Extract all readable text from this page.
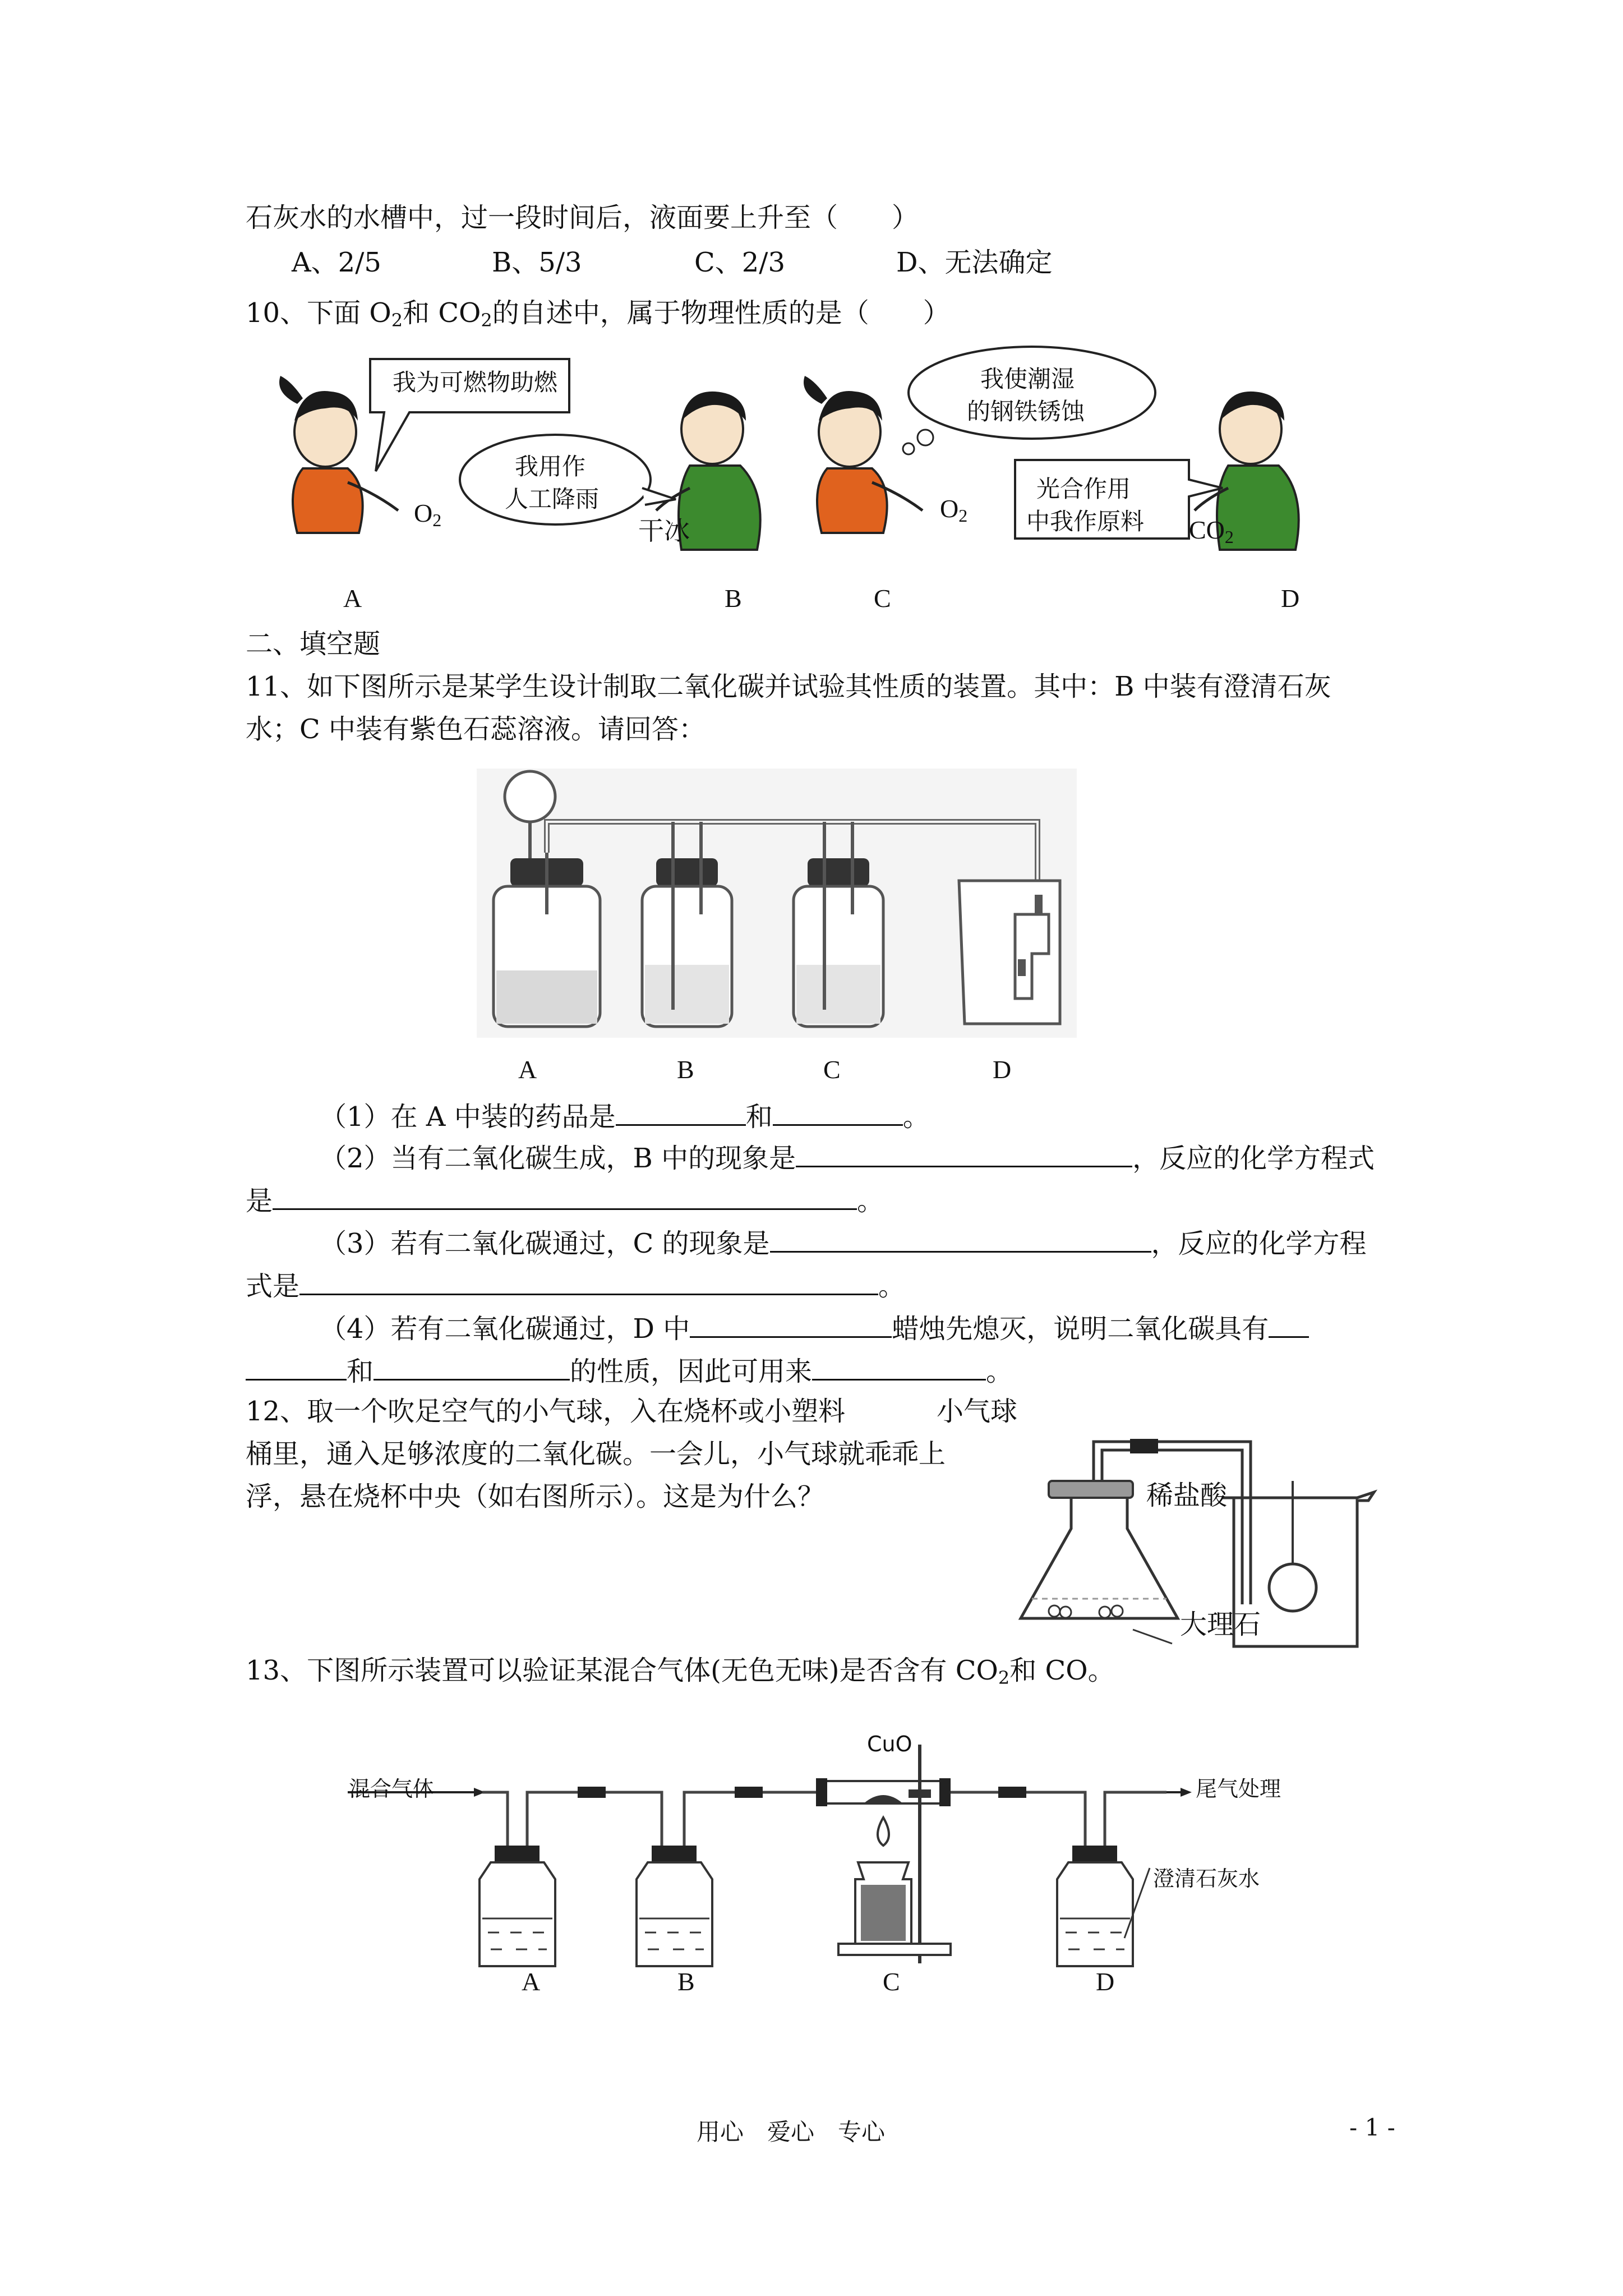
石灰水的水槽中，过一段时间后，液面要上升至（　　）
A、2/5	B、5/3	C、2/3	D、无法确定
10、下面 $O_2$和 $CO_2$的自述中，属于物理性质的是（　　）
我为可燃物助燃
我用作
人工降雨
我使潮湿
的钢铁锈蚀
光合作用
中我作原料
$O_2$	干冰
$O_2$	$CO_2$
A	B	C	D
二、填空题
11、如下图所示是某学生设计制取二氧化碳并试验其性质的装置。其中：B 中装有澄清石灰
水；C 中装有紫色石蕊溶液。请回答：
A	B	C	D
（1）在 A 中装的药品是	和	。
（2）当有二氧化碳生成，B 中的现象是	，反应的化学方程式
是	。
（3）若有二氧化碳通过，C 的现象是	，反应的化学方程
式是	。
（4）若有二氧化碳通过，D 中	蜡烛先熄灭，说明二氧化碳具有
和	的性质，因此可用来	。
12、取一个吹足空气的小气球，入在烧杯或小塑料
桶里，通入足够浓度的二氧化碳。一会儿，小气球就乖乖上
浮，悬在烧杯中央（如右图所示）。这是为什么？
小气球
稀盐酸
大理石
13、下图所示装置可以验证某混合气体(无色无味)是否含有 $CO_2$和 CO。
混合气体
CuO
尾气处理
澄清石灰水
A	B	C	D
用心　爱心　专心	- 1 -
